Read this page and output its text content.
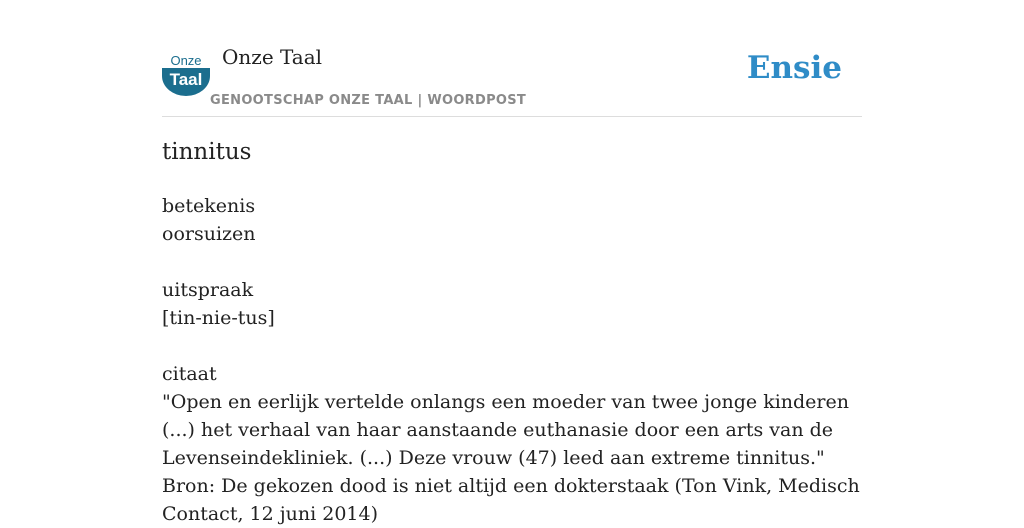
Onze
Taal
Onze Taal
GENOOTSCHAP ONZE TAAL | WOORDPOST
Ensie
tinnitus

betekenis

oorsuizen

uitspraak

[tin-nie-tus]

citaat

"Open en eerlijk vertelde onlangs een moeder van twee jonge kinderen (...) het verhaal van haar aanstaande euthanasie door een arts van de Levenseindekliniek. (...) Deze vrouw (47) leed aan extreme tinnitus."

Bron: De gekozen dood is niet altijd een dokterstaak (Ton Vink, Medisch Contact, 12 juni 2014)
